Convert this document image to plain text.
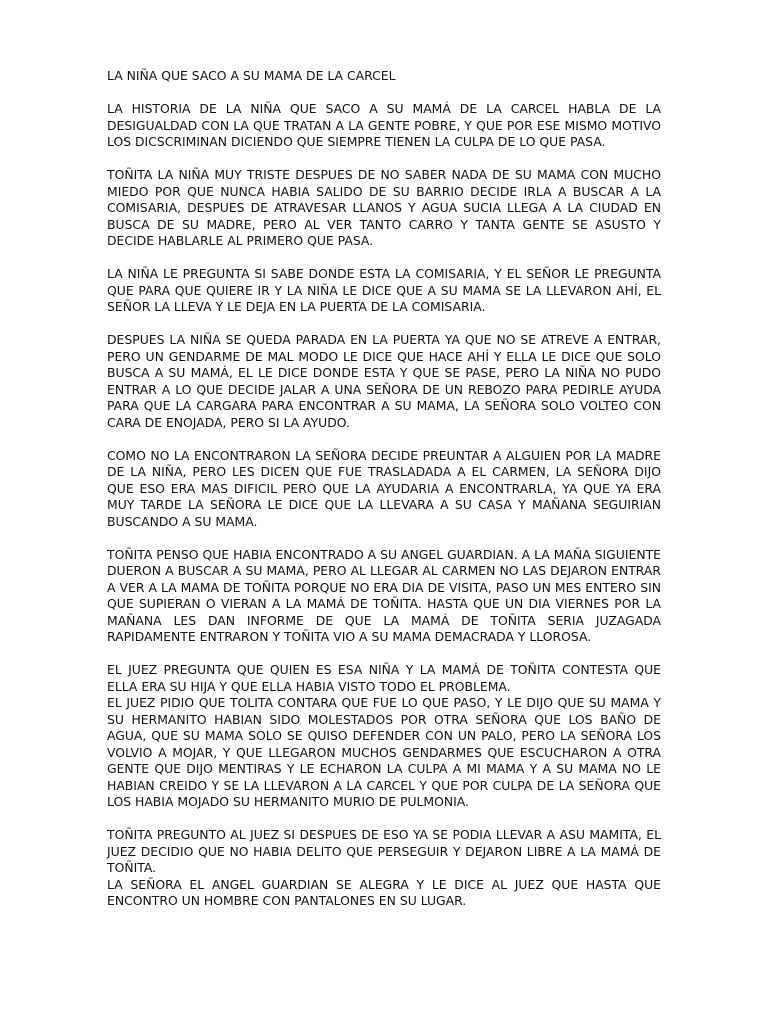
LA NIÑA QUE SACO A SU MAMA DE LA CARCEL

LA HISTORIA DE LA NIÑA QUE SACO A SU MAMÁ DE LA CARCEL HABLA DE LA DESIGUALDAD CON LA QUE TRATAN A LA GENTE POBRE, Y QUE POR ESE MISMO MOTIVO LOS DICSCRIMINAN DICIENDO QUE SIEMPRE TIENEN LA CULPA DE LO QUE PASA.

TOÑITA LA NIÑA MUY TRISTE DESPUES DE NO SABER NADA DE SU MAMA CON MUCHO MIEDO POR QUE NUNCA HABIA SALIDO DE SU BARRIO DECIDE IRLA A BUSCAR A LA COMISARIA, DESPUES DE ATRAVESAR LLANOS Y AGUA SUCIA LLEGA A LA CIUDAD EN BUSCA DE SU MADRE, PERO AL VER TANTO CARRO Y TANTA GENTE SE ASUSTO Y DECIDE HABLARLE AL PRIMERO QUE PASA.

LA NIÑA LE PREGUNTA SI SABE DONDE ESTA LA COMISARIA, Y EL SEÑOR LE PREGUNTA QUE PARA QUE QUIERE IR Y LA NIÑA LE DICE QUE A SU MAMA SE LA LLEVARON AHÍ, EL SEÑOR LA LLEVA Y LE DEJA EN LA PUERTA DE LA COMISARIA.

DESPUES LA NIÑA SE QUEDA PARADA EN LA PUERTA YA QUE NO SE ATREVE A ENTRAR, PERO UN GENDARME DE MAL MODO LE DICE QUE HACE AHÍ Y ELLA LE DICE QUE SOLO BUSCA A SU MAMÁ, EL LE DICE DONDE ESTA Y QUE SE PASE, PERO LA NIÑA NO PUDO ENTRAR A LO QUE DECIDE JALAR A UNA SEÑORA DE UN REBOZO PARA PEDIRLE AYUDA PARA QUE LA CARGARA PARA ENCONTRAR A SU MAMA, LA SEÑORA SOLO VOLTEO CON CARA DE ENOJADA, PERO SI LA AYUDO.

COMO NO LA ENCONTRARON LA SEÑORA DECIDE PREUNTAR A ALGUIEN POR LA MADRE DE LA NIÑA, PERO LES DICEN QUE FUE TRASLADADA A EL CARMEN, LA SEÑORA DIJO QUE ESO ERA MAS DIFICIL PERO QUE LA AYUDARIA A ENCONTRARLA, YA QUE YA ERA MUY TARDE LA SEÑORA LE DICE QUE LA LLEVARA A SU CASA Y MAÑANA SEGUIRIAN BUSCANDO A SU MAMA.

TOÑITA PENSO QUE HABIA ENCONTRADO A SU ANGEL GUARDIAN. A LA MAÑA SIGUIENTE DUERON A BUSCAR A SU MAMA, PERO AL LLEGAR AL CARMEN NO LAS DEJARON ENTRAR A VER A LA MAMA DE TOÑITA PORQUE NO ERA DIA DE VISITA, PASO UN MES ENTERO SIN QUE SUPIERAN O VIERAN A LA MAMÁ DE TOÑITA. HASTA QUE UN DIA VIERNES POR LA MAÑANA LES DAN INFORME DE QUE LA MAMÁ DE TOÑITA SERIA JUZAGADA RAPIDAMENTE ENTRARON Y TOÑITA VIO A SU MAMA DEMACRADA Y LLOROSA.

EL JUEZ PREGUNTA QUE QUIEN ES ESA NIÑA Y LA MAMÁ DE TOÑITA CONTESTA QUE ELLA ERA SU HIJA Y QUE ELLA HABIA VISTO TODO EL PROBLEMA.

EL JUEZ PIDIO QUE TOLITA CONTARA QUE FUE LO QUE PASO, Y LE DIJO QUE SU MAMA Y SU HERMANITO HABIAN SIDO MOLESTADOS POR OTRA SEÑORA QUE LOS BAÑO DE AGUA, QUE SU MAMA SOLO SE QUISO DEFENDER CON UN PALO, PERO LA SEÑORA LOS VOLVIO A MOJAR, Y QUE LLEGARON MUCHOS GENDARMES QUE ESCUCHARON A OTRA GENTE QUE DIJO MENTIRAS Y LE ECHARON LA CULPA A MI MAMA Y A SU MAMA NO LE HABIAN CREIDO Y SE LA LLEVARON A LA CARCEL Y QUE POR CULPA DE LA SEÑORA QUE LOS HABIA MOJADO SU HERMANITO MURIO DE PULMONIA.

TOÑITA PREGUNTO AL JUEZ SI DESPUES DE ESO YA SE PODIA LLEVAR A ASU MAMITA, EL JUEZ DECIDIO QUE NO HABIA DELITO QUE PERSEGUIR Y DEJARON LIBRE A LA MAMÁ DE TOÑITA.

LA SEÑORA EL ANGEL GUARDIAN SE ALEGRA Y LE DICE AL JUEZ QUE HASTA QUE ENCONTRO UN HOMBRE CON PANTALONES EN SU LUGAR.
